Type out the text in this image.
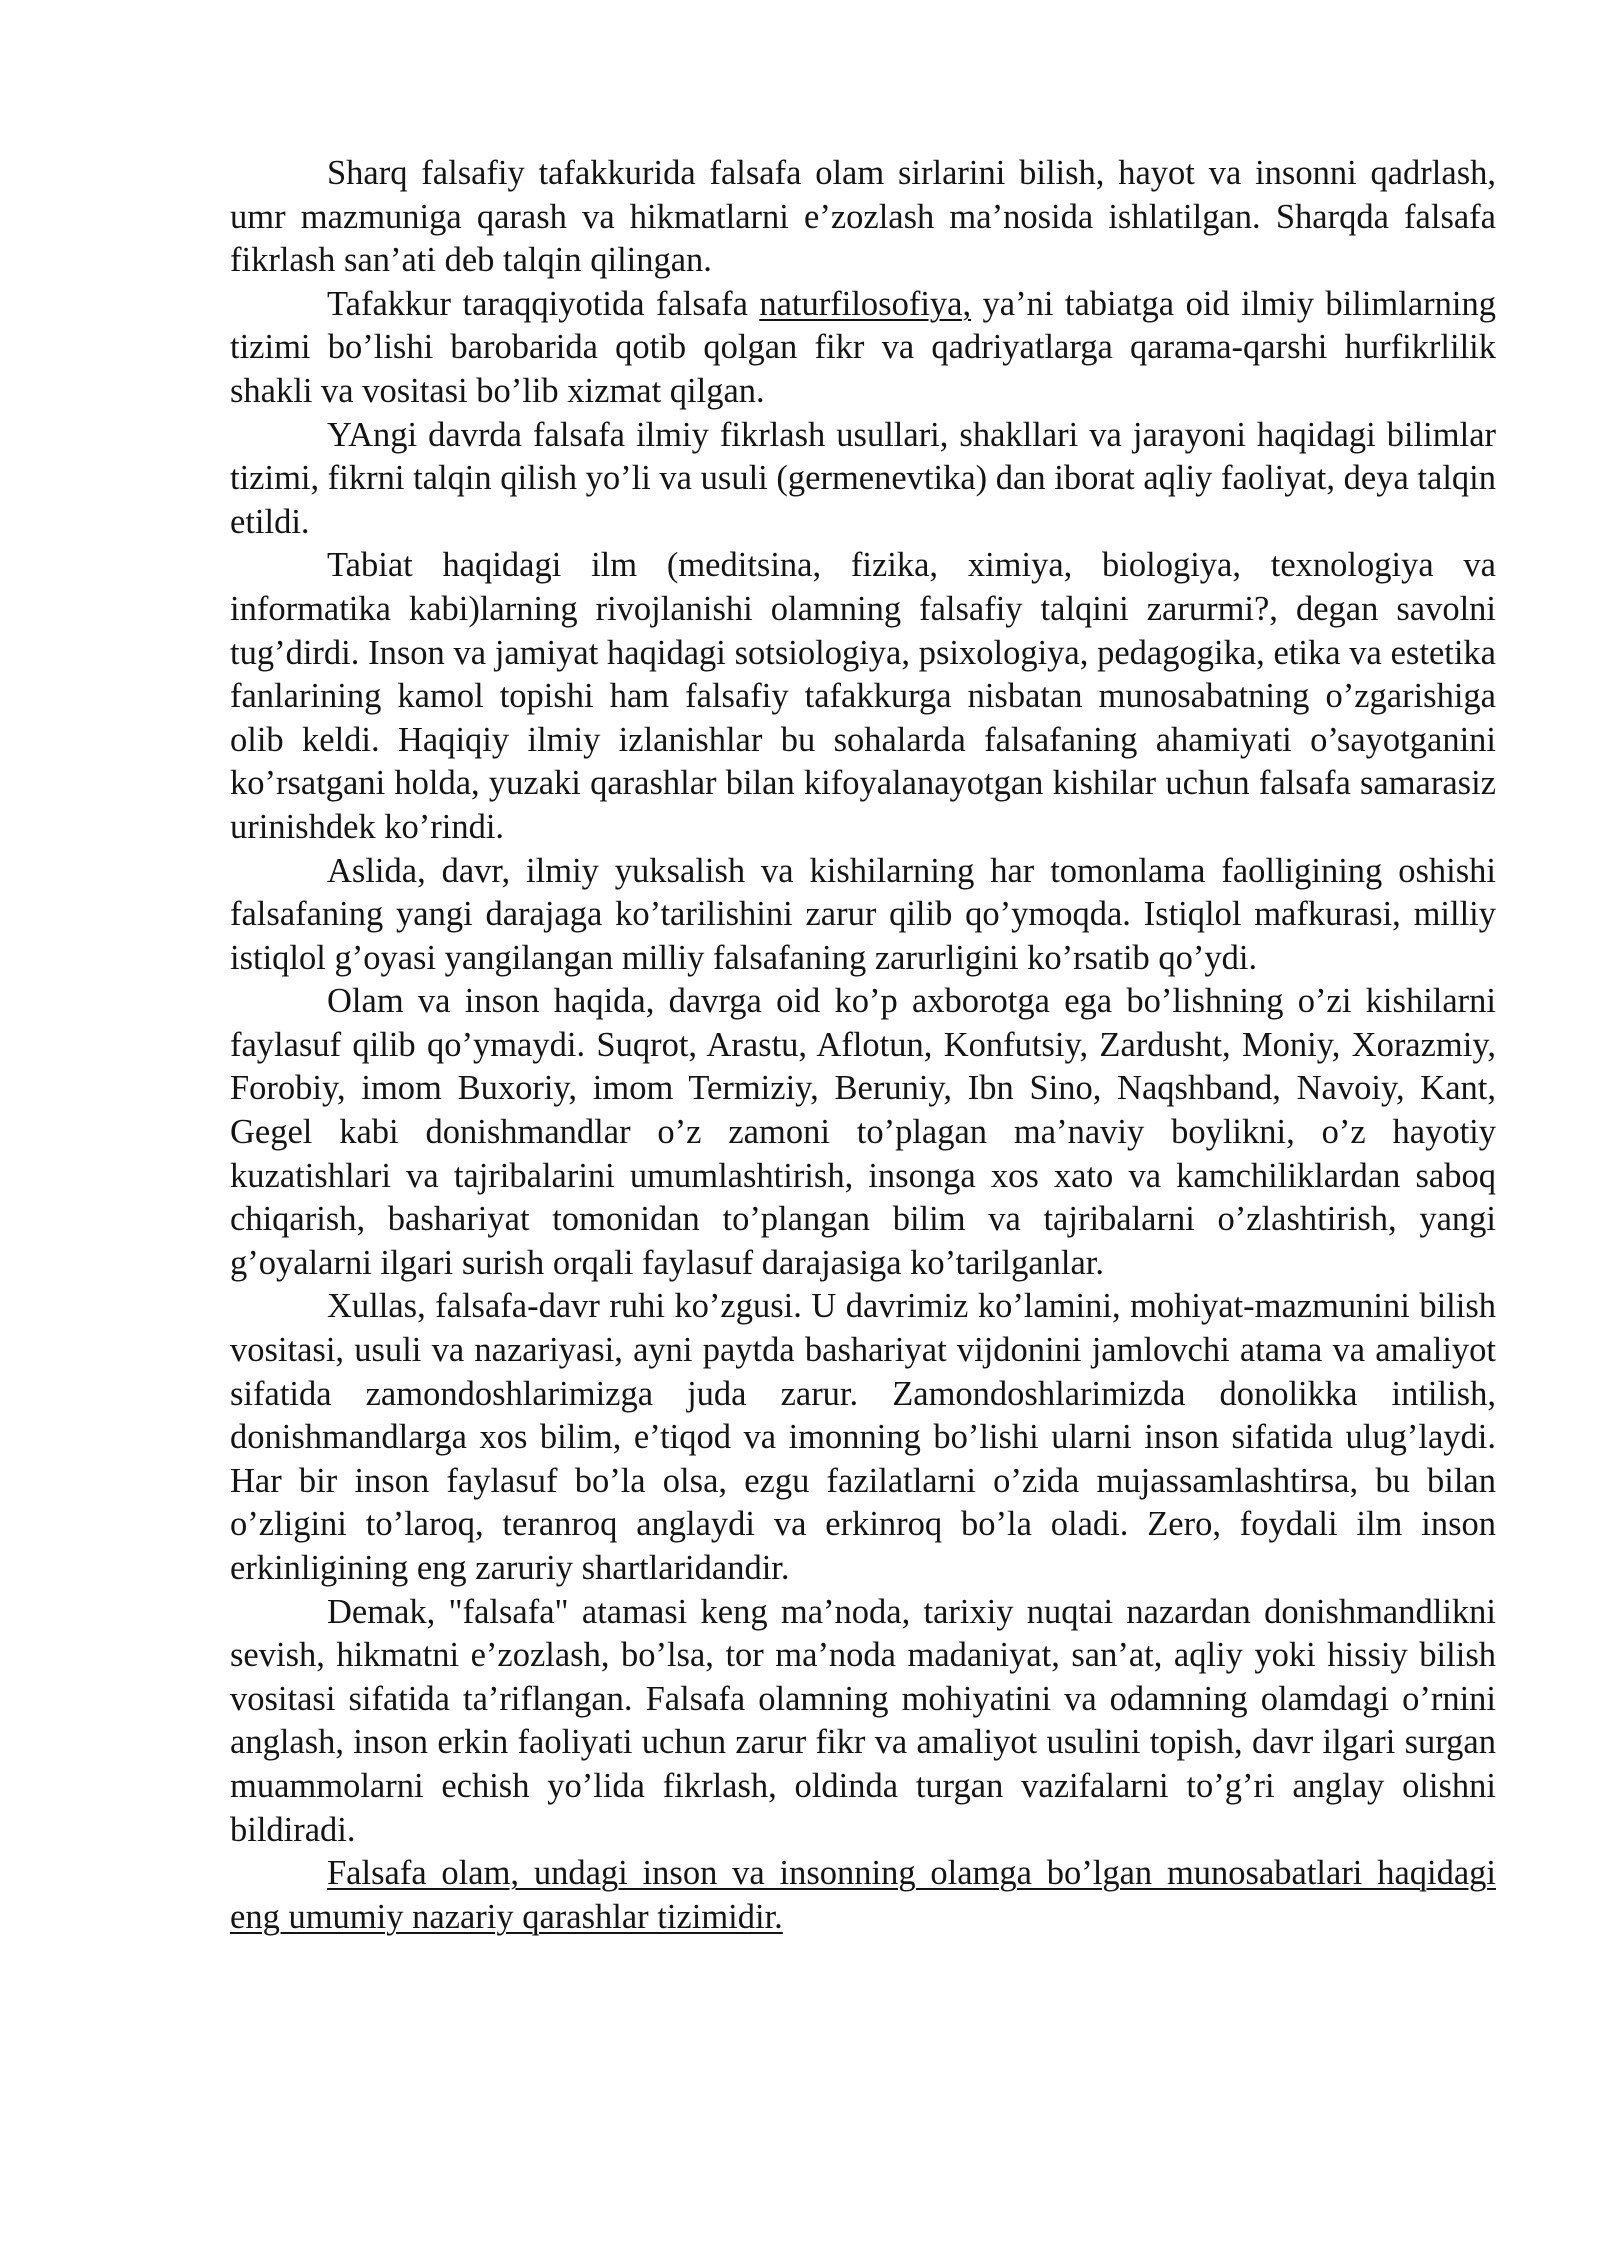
Sharq falsafiy tafakkurida falsafa olam sirlarini bilish, hayot va insonni qadrlash, umr mazmuniga qarash va hikmatlarni e’zozlash ma’nosida ishlatilgan. Sharqda falsafa fikrlash san’ati deb talqin qilingan.

Tafakkur taraqqiyotida falsafa naturfilosofiya, ya’ni tabiatga oid ilmiy bilimlarning tizimi bo’lishi barobarida qotib qolgan fikr va qadriyatlarga qarama-qarshi hurfikrlilik shakli va vositasi bo’lib xizmat qilgan.

YAngi davrda falsafa ilmiy fikrlash usullari, shakllari va jarayoni haqidagi bilimlar tizimi, fikrni talqin qilish yo’li va usuli (germenevtika) dan iborat aqliy faoliyat, deya talqin etildi.

Tabiat haqidagi ilm (meditsina, fizika, ximiya, biologiya, texnologiya va informatika kabi)larning rivojlanishi olamning falsafiy talqini zarurmi?, degan savolni tug’dirdi. Inson va jamiyat haqidagi sotsiologiya, psixologiya, pedagogika, etika va estetika fanlarining kamol topishi ham falsafiy tafakkurga nisbatan munosabatning o’zgarishiga olib keldi. Haqiqiy ilmiy izlanishlar bu sohalarda falsafaning ahamiyati o’sayotganini ko’rsatgani holda, yuzaki qarashlar bilan kifoyalanayotgan kishilar uchun falsafa samarasiz urinishdek ko’rindi.

Aslida, davr, ilmiy yuksalish va kishilarning har tomonlama faolligining oshishi falsafaning yangi darajaga ko’tarilishini zarur qilib qo’ymoqda. Istiqlol mafkurasi, milliy istiqlol g’oyasi yangilangan milliy falsafaning zarurligini ko’rsatib qo’ydi.

Olam va inson haqida, davrga oid ko’p axborotga ega bo’lishning o’zi kishilarni faylasuf qilib qo’ymaydi. Suqrot, Arastu, Aflotun, Konfutsiy, Zardusht, Moniy, Xorazmiy, Forobiy, imom Buxoriy, imom Termiziy, Beruniy, Ibn Sino, Naqshband, Navoiy, Kant, Gegel kabi donishmandlar o’z zamoni to’plagan ma’naviy boylikni, o’z hayotiy kuzatishlari va tajribalarini umumlashtirish, insonga xos xato va kamchiliklardan saboq chiqarish, bashariyat tomonidan to’plangan bilim va tajribalarni o’zlashtirish, yangi g’oyalarni ilgari surish orqali faylasuf darajasiga ko’tarilganlar.

Xullas, falsafa-davr ruhi ko’zgusi. U davrimiz ko’lamini, mohiyat-mazmunini bilish vositasi, usuli va nazariyasi, ayni paytda bashariyat vijdonini jamlovchi atama va amaliyot sifatida zamondoshlarimizga juda zarur. Zamondoshlarimizda donolikka intilish, donishmandlarga xos bilim, e’tiqod va imonning bo’lishi ularni inson sifatida ulug’laydi. Har bir inson faylasuf bo’la olsa, ezgu fazilatlarni o’zida mujassamlashtirsa, bu bilan o’zligini to’laroq, teranroq anglaydi va erkinroq bo’la oladi. Zero, foydali ilm inson erkinligining eng zaruriy shartlaridandir.

Demak, "falsafa" atamasi keng ma’noda, tarixiy nuqtai nazardan donishmandlikni sevish, hikmatni e’zozlash, bo’lsa, tor ma’noda madaniyat, san’at, aqliy yoki hissiy bilish vositasi sifatida ta’riflangan. Falsafa olamning mohiyatini va odamning olamdagi o’rnini anglash, inson erkin faoliyati uchun zarur fikr va amaliyot usulini topish, davr ilgari surgan muammolarni echish yo’lida fikrlash, oldinda turgan vazifalarni to’g’ri anglay olishni bildiradi.

Falsafa olam, undagi inson va insonning olamga bo’lgan munosabatlari haqidagi eng umumiy nazariy qarashlar tizimidir.
